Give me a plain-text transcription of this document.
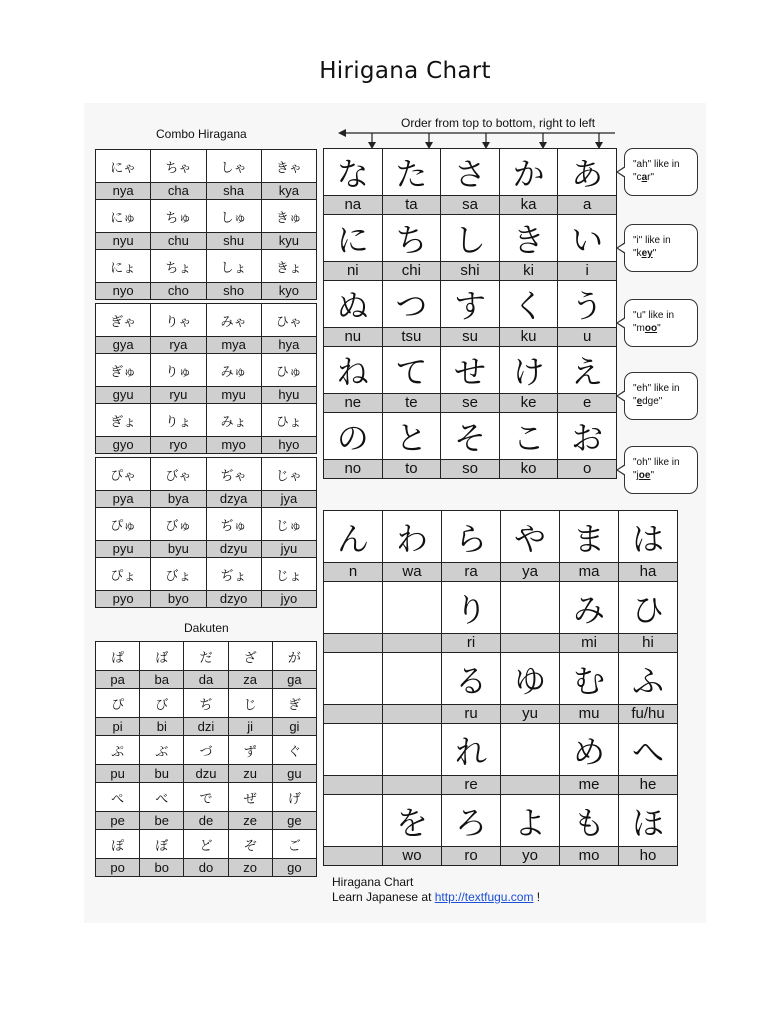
Hirigana Chart
Combo Hiragana
Order from top to bottom, right to left
Dakuten
にゃ	ちゃ	しゃ	きゃ
nya	cha	sha	kya
にゅ	ちゅ	しゅ	きゅ
nyu	chu	shu	kyu
にょ	ちょ	しょ	きょ
nyo	cho	sho	kyo
ぎゃ	りゃ	みゃ	ひゃ
gya	rya	mya	hya
ぎゅ	りゅ	みゅ	ひゅ
gyu	ryu	myu	hyu
ぎょ	りょ	みょ	ひょ
gyo	ryo	myo	hyo
ぴゃ	びゃ	ぢゃ	じゃ
pya	bya	dzya	jya
ぴゅ	びゅ	ぢゅ	じゅ
pyu	byu	dzyu	jyu
ぴょ	びょ	ぢょ	じょ
pyo	byo	dzyo	jyo
ぱ	ば	だ	ざ	が
pa	ba	da	za	ga
ぴ	び	ぢ	じ	ぎ
pi	bi	dzi	ji	gi
ぷ	ぶ	づ	ず	ぐ
pu	bu	dzu	zu	gu
ぺ	べ	で	ぜ	げ
pe	be	de	ze	ge
ぽ	ぼ	ど	ぞ	ご
po	bo	do	zo	go
な	た	さ	か	あ
na	ta	sa	ka	a
に	ち	し	き	い
ni	chi	shi	ki	i
ぬ	つ	す	く	う
nu	tsu	su	ku	u
ね	て	せ	け	え
ne	te	se	ke	e
の	と	そ	こ	お
no	to	so	ko	o
ん	わ	ら	や	ま	は
n	wa	ra	ya	ma	ha
		り		み	ひ
		ri		mi	hi
		る	ゆ	む	ふ
		ru	yu	mu	fu/hu
		れ		め	へ
		re		me	he
	を	ろ	よ	も	ほ
	wo	ro	yo	mo	ho
"ah" like in
"car"
"i" like in
"key"
"u" like in
"moo"
"eh" like in
"edge"
"oh" like in
"joe"
Hiragana Chart
Learn Japanese at http://textfugu.com !
